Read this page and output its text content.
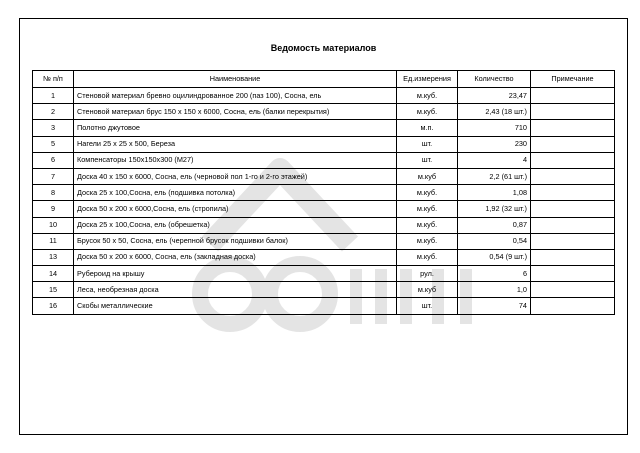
Ведомость материалов
№ п/п	Наименование	Ед.измерения	Количество	Примечание
1	Стеновой материал бревно оцилиндрованное 200 (паз 100), Сосна, ель	м.куб.	23,47	
2	Стеновой материал брус 150 х 150 х 6000, Сосна, ель (балки перекрытия)	м.куб.	2,43 (18 шт.)	
3	Полотно джутовое	м.п.	710	
5	Нагели 25 х 25 х 500, Береза	шт.	230	
6	Компенсаторы 150х150х300 (М27)	шт.	4	
7	Доска 40 х 150 х 6000, Сосна, ель (черновой пол 1-го и 2-го этажей)	м.куб	2,2 (61 шт.)	
8	Доска 25 х 100,Сосна, ель (подшивка потолка)	м.куб.	1,08	
9	Доска 50 х 200 х 6000,Сосна, ель (стропила)	м.куб.	1,92 (32 шт.)	
10	Доска 25 х 100,Сосна, ель (обрешетка)	м.куб.	0,87	
11	Брусок 50 х 50, Сосна, ель (черепной брусок подшивки балок)	м.куб.	0,54	
13	Доска 50 х 200 х 6000, Сосна, ель (закладная доска)	м.куб.	0,54 (9 шт.)	
14	Рубероид на крышу	рул.	6	
15	Леса, необрезная доска	м.куб	1,0	
16	Скобы металлические	шт.	74	
